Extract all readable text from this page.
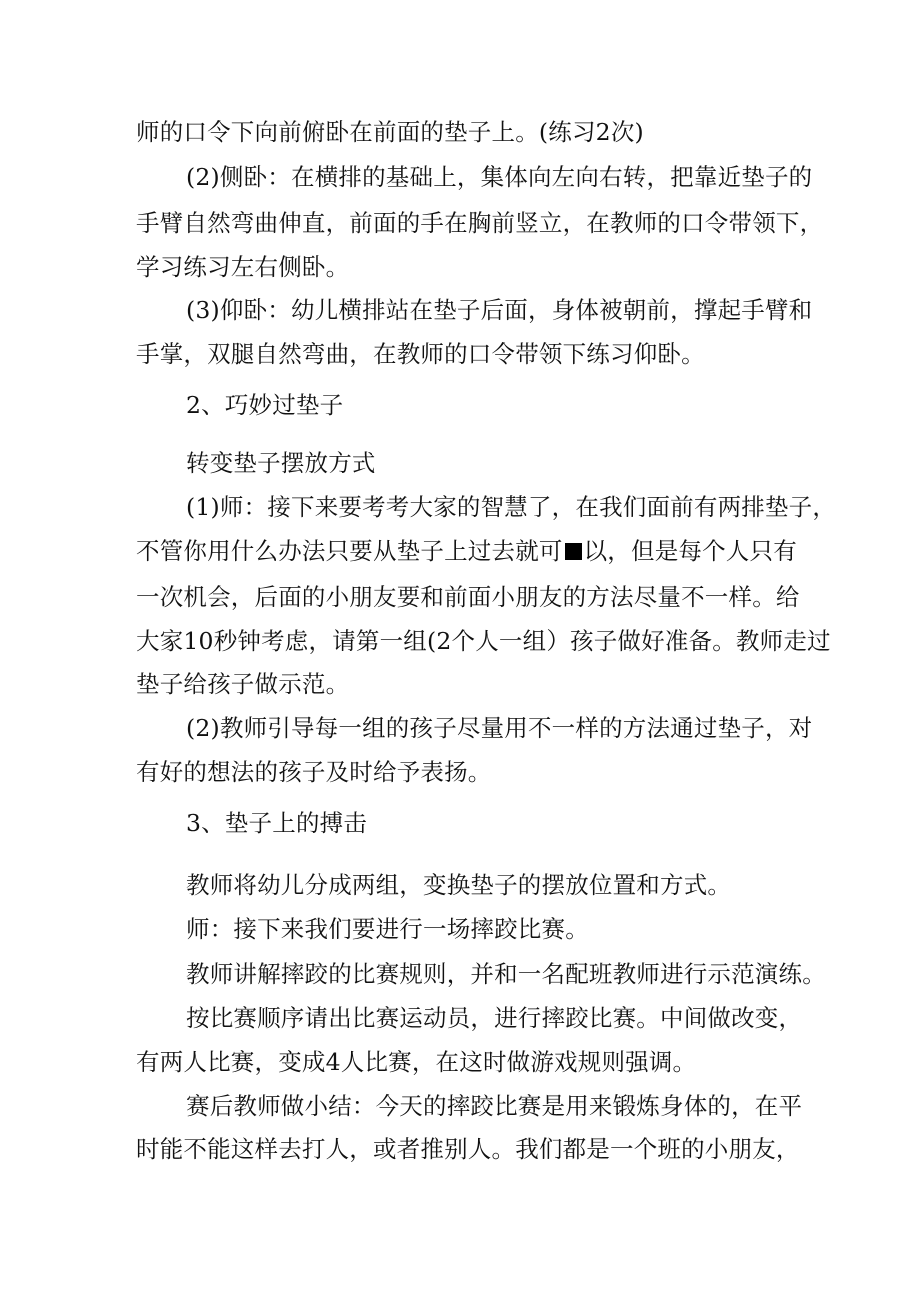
师的口令下向前俯卧在前面的垫子上。(练习2次)
(2)侧卧：在横排的基础上，集体向左向右转，把靠近垫子的
手臂自然弯曲伸直，前面的手在胸前竖立，在教师的口令带领下，
学习练习左右侧卧。
(3)仰卧：幼儿横排站在垫子后面，身体被朝前，撑起手臂和
手掌，双腿自然弯曲，在教师的口令带领下练习仰卧。
2、巧妙过垫子
转变垫子摆放方式
(1)师：接下来要考考大家的智慧了，在我们面前有两排垫子，
不管你用什么办法只要从垫子上过去就可 以，但是每个人只有
一次机会，后面的小朋友要和前面小朋友的方法尽量不一样。给
大家10秒钟考虑，请第一组(2个人一组）孩子做好准备。教师走过
垫子给孩子做示范。
(2)教师引导每一组的孩子尽量用不一样的方法通过垫子，对
有好的想法的孩子及时给予表扬。
3、垫子上的搏击
教师将幼儿分成两组，变换垫子的摆放位置和方式。
师：接下来我们要进行一场摔跤比赛。
教师讲解摔跤的比赛规则，并和一名配班教师进行示范演练。
按比赛顺序请出比赛运动员，进行摔跤比赛。中间做改变，
有两人比赛，变成4人比赛，在这时做游戏规则强调。
赛后教师做小结：今天的摔跤比赛是用来锻炼身体的，在平
时能不能这样去打人，或者推别人。我们都是一个班的小朋友，
